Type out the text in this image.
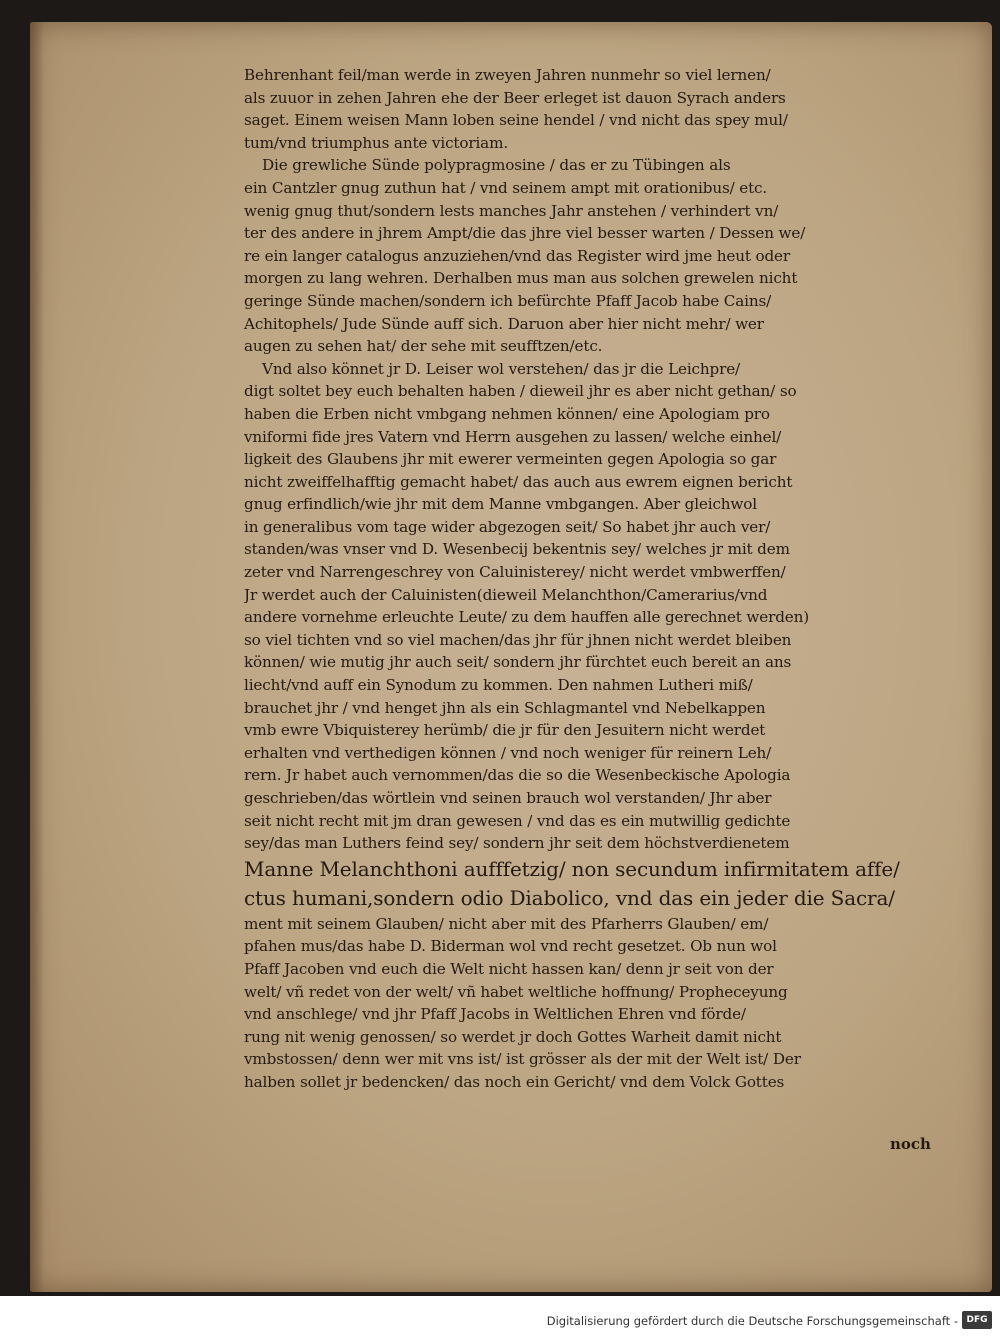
Behrenhant feil/man werde in zweyen Jahren nunmehr so viel lernen/
als zuuor in zehen Jahren ehe der Beer erleget ist dauon Syrach anders
saget. Einem weisen Mann loben seine hendel / vnd nicht das spey mul/
tum/vnd triumphus ante victoriam.
Die grewliche Sünde polypragmosine / das er zu Tübingen als
ein Cantzler gnug zuthun hat / vnd seinem ampt mit orationibus/ etc.
wenig gnug thut/sondern lests manches Jahr anstehen / verhindert vn/
ter des andere in jhrem Ampt/die das jhre viel besser warten / Dessen we/
re ein langer catalogus anzuziehen/vnd das Register wird jme heut oder
morgen zu lang wehren. Derhalben mus man aus solchen grewelen nicht
geringe Sünde machen/sondern ich befürchte Pfaff Jacob habe Cains/
Achitophels/ Jude Sünde auff sich. Daruon aber hier nicht mehr/ wer
augen zu sehen hat/ der sehe mit seufftzen/etc.
Vnd also könnet jr D. Leiser wol verstehen/ das jr die Leichpre/
digt soltet bey euch behalten haben / dieweil jhr es aber nicht gethan/ so
haben die Erben nicht vmbgang nehmen können/ eine Apologiam pro
vniformi fide jres Vatern vnd Herrn ausgehen zu lassen/ welche einhel/
ligkeit des Glaubens jhr mit ewerer vermeinten gegen Apologia so gar
nicht zweiffelhafftig gemacht habet/ das auch aus ewrem eignen bericht
gnug erfindlich/wie jhr mit dem Manne vmbgangen. Aber gleichwol
in generalibus vom tage wider abgezogen seit/ So habet jhr auch ver/
standen/was vnser vnd D. Wesenbecij bekentnis sey/ welches jr mit dem
zeter vnd Narrengeschrey von Caluinisterey/ nicht werdet vmbwerffen/
Jr werdet auch der Caluinisten(dieweil Melanchthon/Camerarius/vnd
andere vornehme erleuchte Leute/ zu dem hauffen alle gerechnet werden)
so viel tichten vnd so viel machen/das jhr für jhnen nicht werdet bleiben
können/ wie mutig jhr auch seit/ sondern jhr fürchtet euch bereit an ans
liecht/vnd auff ein Synodum zu kommen. Den nahmen Lutheri miß/
brauchet jhr / vnd henget jhn als ein Schlagmantel vnd Nebelkappen
vmb ewre Vbiquisterey herümb/ die jr für den Jesuitern nicht werdet
erhalten vnd verthedigen können / vnd noch weniger für reinern Leh/
rern. Jr habet auch vernommen/das die so die Wesenbeckische Apologia
geschrieben/das wörtlein vnd seinen brauch wol verstanden/ Jhr aber
seit nicht recht mit jm dran gewesen / vnd das es ein mutwillig gedichte
sey/das man Luthers feind sey/ sondern jhr seit dem höchstverdienetem
Manne Melanchthoni aufffetzig/ non secundum infirmitatem affe/
ctus humani,sondern odio Diabolico, vnd das ein jeder die Sacra/
ment mit seinem Glauben/ nicht aber mit des Pfarherrs Glauben/ em/
pfahen mus/das habe D. Biderman wol vnd recht gesetzet. Ob nun wol
Pfaff Jacoben vnd euch die Welt nicht hassen kan/ denn jr seit von der
welt/ vñ redet von der welt/ vñ habet weltliche hoffnung/ Propheceyung
vnd anschlege/ vnd jhr Pfaff Jacobs in Weltlichen Ehren vnd förde/
rung nit wenig genossen/ so werdet jr doch Gottes Warheit damit nicht
vmbstossen/ denn wer mit vns ist/ ist grösser als der mit der Welt ist/ Der
halben sollet jr bedencken/ das noch ein Gericht/ vnd dem Volck Gottes
noch
Digitalisierung gefördert durch die Deutsche Forschungsgemeinschaft - DFG
